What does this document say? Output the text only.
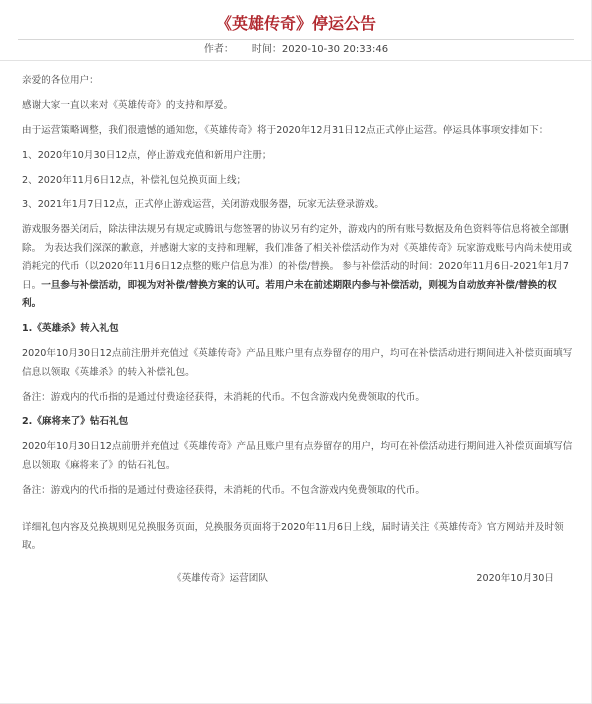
《英雄传奇》停运公告
作者： 时间：2020-10-30 20:33:46

亲爱的各位用户：

感谢大家一直以来对《英雄传奇》的支持和厚爱。

由于运营策略调整，我们很遗憾的通知您，《英雄传奇》将于2020年12月31日12点正式停止运营。停运具体事项安排如下：

1、2020年10月30日12点，停止游戏充值和新用户注册；

2、2020年11月6日12点，补偿礼包兑换页面上线；

3、2021年1月7日12点，正式停止游戏运营，关闭游戏服务器，玩家无法登录游戏。

游戏服务器关闭后，除法律法规另有规定或腾讯与您签署的协议另有约定外，游戏内的所有账号数据及角色资料等信息将被全部删除。 为表达我们深深的歉意，并感谢大家的支持和理解，我们准备了相关补偿活动作为对《英雄传奇》玩家游戏账号内尚未使用或消耗完的代币（以2020年11月6日12点整的账户信息为准）的补偿/替换。 参与补偿活动的时间：2020年11月6日-2021年1月7日。一旦参与补偿活动，即视为对补偿/替换方案的认可。若用户未在前述期限内参与补偿活动，则视为自动放弃补偿/替换的权利。

1.《英雄杀》转入礼包

2020年10月30日12点前注册并充值过《英雄传奇》产品且账户里有点券留存的用户，均可在补偿活动进行期间进入补偿页面填写信息以领取《英雄杀》的转入补偿礼包。

备注：游戏内的代币指的是通过付费途径获得，未消耗的代币。不包含游戏内免费领取的代币。

2.《麻将来了》钻石礼包

2020年10月30日12点前册并充值过《英雄传奇》产品且账户里有点券留存的用户，均可在补偿活动进行期间进入补偿页面填写信息以领取《麻将来了》的钻石礼包。

备注：游戏内的代币指的是通过付费途径获得，未消耗的代币。不包含游戏内免费领取的代币。

详细礼包内容及兑换规则见兑换服务页面，兑换服务页面将于2020年11月6日上线，届时请关注《英雄传奇》官方网站并及时领取。

《英雄传奇》运营团队	2020年10月30日
